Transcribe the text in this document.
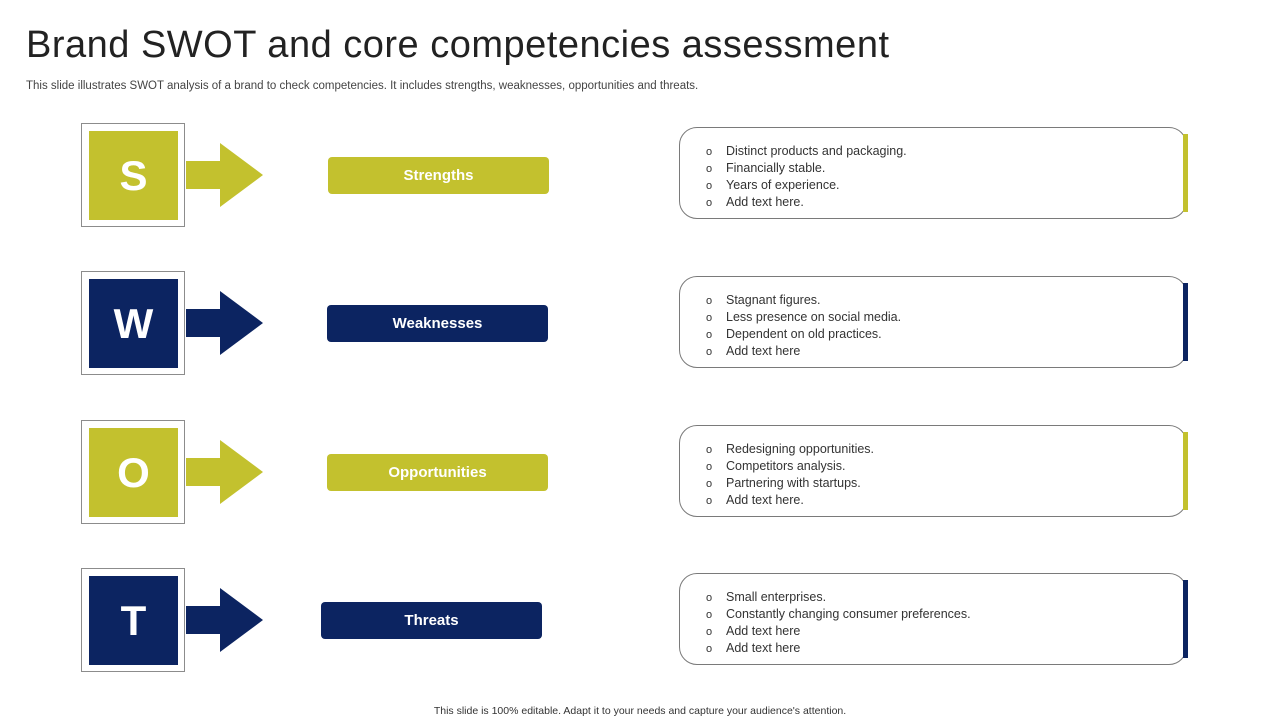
Brand SWOT and core competencies assessment
This slide illustrates SWOT analysis of a brand to check competencies. It includes strengths, weaknesses, opportunities and threats.
S	Strengths
o Distinct products and packaging.
o Financially stable.
o Years of experience.
o Add text here.
W	Weaknesses
o Stagnant figures.
o Less presence on social media.
o Dependent on old practices.
o Add text here
O	Opportunities
o Redesigning opportunities.
o Competitors analysis.
o Partnering with startups.
o Add text here.
T	Threats
o Small enterprises.
o Constantly changing consumer preferences.
o Add text here
o Add text here
This slide is 100% editable. Adapt it to your needs and capture your audience's attention.
